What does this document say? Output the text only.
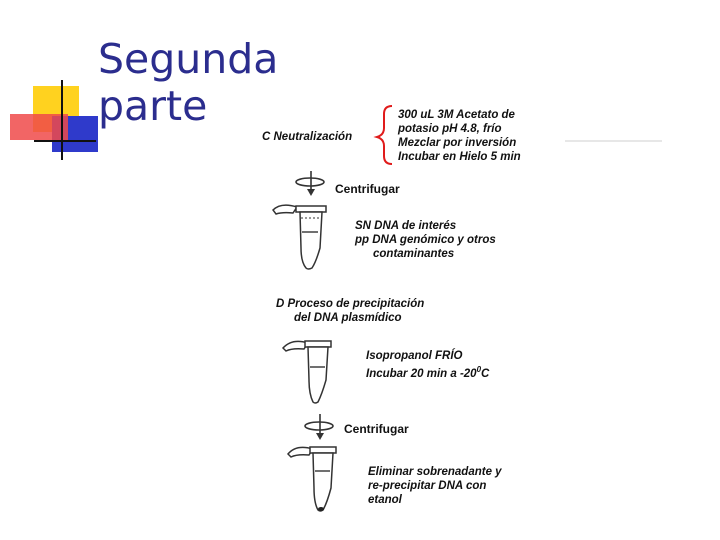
Segunda
parte
C Neutralización
300 uL 3M Acetato de
potasio pH 4.8, frío
Mezclar por inversión
Incubar en Hielo 5 min
Centrifugar
SN DNA de interés
pp DNA genómico y otros
contaminantes
D Proceso de precipitación
del DNA plasmídico
Isopropanol FRÍO
Incubar 20 min a $-20^0C$
Centrifugar
Eliminar sobrenadante y
re-precipitar DNA con
etanol
